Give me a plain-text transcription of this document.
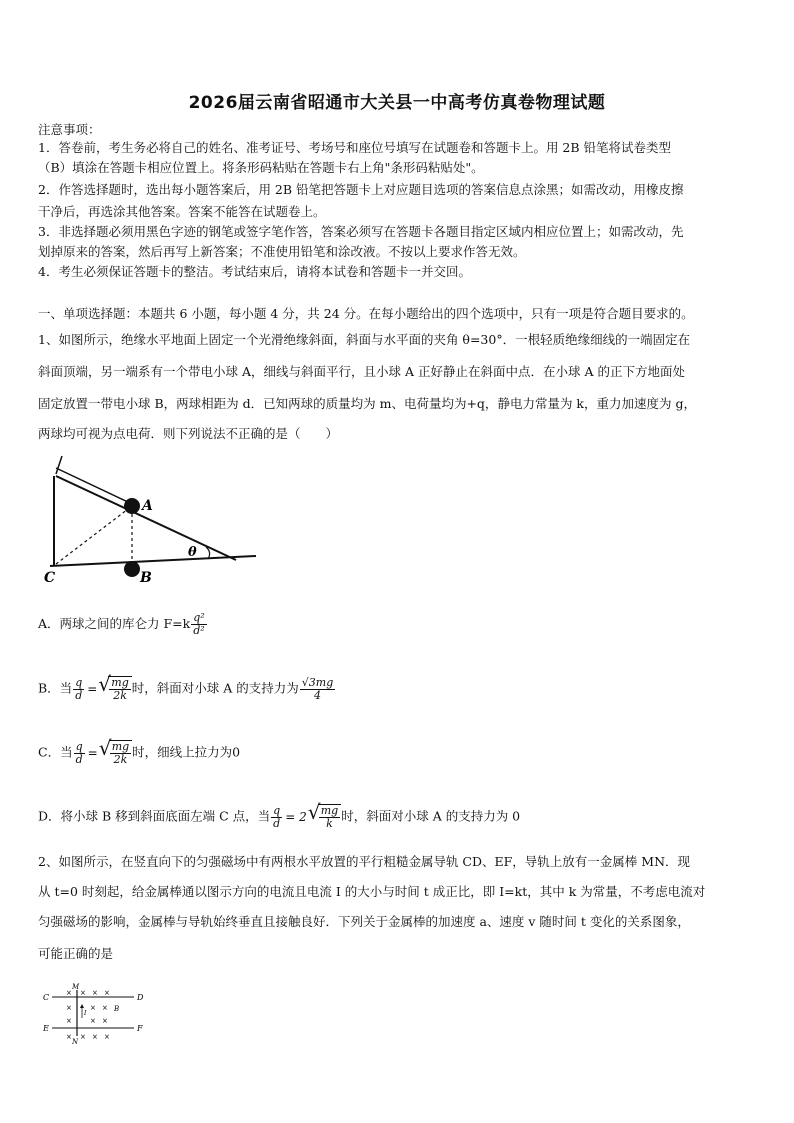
2026届云南省昭通市大关县一中高考仿真卷物理试题
注意事项：
1．答卷前，考生务必将自己的姓名、准考证号、考场号和座位号填写在试题卷和答题卡上。用 2B 铅笔将试卷类型
（B）填涂在答题卡相应位置上。将条形码粘贴在答题卡右上角"条形码粘贴处"。
2．作答选择题时，选出每小题答案后，用 2B 铅笔把答题卡上对应题目选项的答案信息点涂黑；如需改动，用橡皮擦
干净后，再选涂其他答案。答案不能答在试题卷上。
3．非选择题必须用黑色字迹的钢笔或签字笔作答，答案必须写在答题卡各题目指定区域内相应位置上；如需改动，先
划掉原来的答案，然后再写上新答案；不准使用铅笔和涂改液。不按以上要求作答无效。
4．考生必须保证答题卡的整洁。考试结束后，请将本试卷和答题卡一并交回。
一、单项选择题：本题共 6 小题，每小题 4 分，共 24 分。在每小题给出的四个选项中，只有一项是符合题目要求的。
1、如图所示，绝缘水平地面上固定一个光滑绝缘斜面，斜面与水平面的夹角 θ=30°．一根轻质绝缘细线的一端固定在
斜面顶端，另一端系有一个带电小球 A，细线与斜面平行，且小球 A 正好静止在斜面中点．在小球 A 的正下方地面处
固定放置一带电小球 B，两球相距为 d．已知两球的质量均为 m、电荷量均为+q，静电力常量为 k，重力加速度为 g，
两球均可视为点电荷．则下列说法不正确的是（　　）
A
B
C
θ
A．两球之间的库仑力 $F=k \frac{\text{q²}}{\text{d²}}$
B．当 $\frac{q}{d}$ = √ $\frac{mg}{2k}$ 时，斜面对小球 A 的支持力为 $\frac{√3mg}{4}$
C．当 $\frac{q}{d}$ = √ $\frac{mg}{2k}$ 时，细线上拉力为0
D．将小球 B 移到斜面底面左端 C 点，当 $\frac{q}{d} = 2$ √ $\frac{mg}{k}$ 时，斜面对小球 A 的支持力为 0
2、如图所示，在竖直向下的匀强磁场中有两根水平放置的平行粗糙金属导轨 CD、EF，导轨上放有一金属棒 MN．现
从 t=0 时刻起，给金属棒通以图示方向的电流且电流 I 的大小与时间 t 成正比，即 I=kt，其中 k 为常量，不考虑电流对
匀强磁场的影响，金属棒与导轨始终垂直且接触良好．下列关于金属棒的加速度 a、速度 v 随时间 t 变化的关系图象，
可能正确的是
C	D
E	F
M
N
B
I
× × × ×
×	× ×
×	× ×
× × × ×
